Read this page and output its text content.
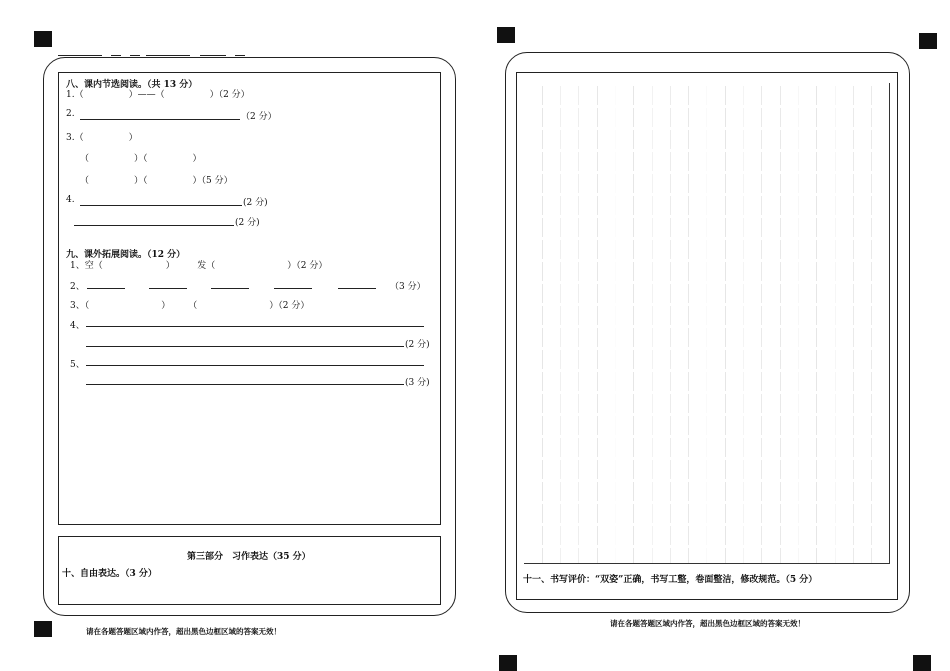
八、课内节选阅读。（共 13 分）
1.（　　　　　）——（　　　　　）（2 分）
2.	（2 分）
3.（　　　　　）
（　　　　　）（　　　　　）
（　　　　　）（　　　　　）（5 分）
4.	(2 分)
(2 分)
九、课外拓展阅读。（12 分）
1、空（　　　　　　　）　　　发（　　　　　　　　）（2 分）
2、	（3 分）
3、（　　　　　　　　）　　　（　　　　　　　　）（2 分）
4、
(2 分)
5、
(3 分)
第三部分　习作表达（35 分）
十、自由表达。（3 分）
请在各题答题区域内作答，超出黑色边框区域的答案无效！
十一、书写评价：“双姿”正确，书写工整，卷面整洁，修改规范。（5 分）
请在各题答题区域内作答，超出黑色边框区域的答案无效！
